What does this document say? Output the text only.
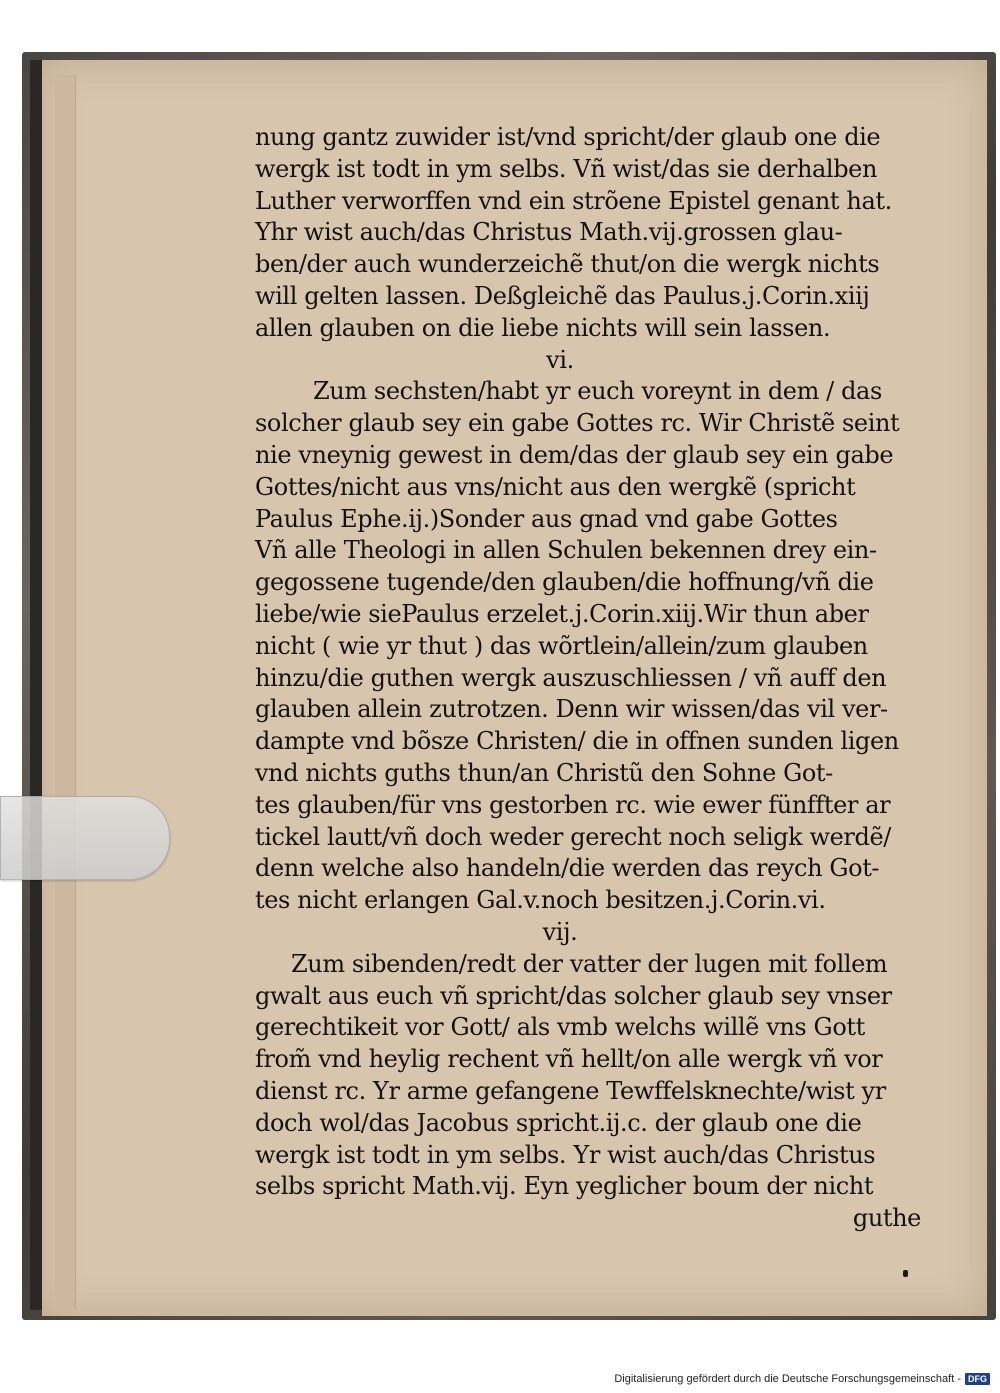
nung gantz zuwider ist/vnd spricht/der glaub one die
wergk ist todt in ym selbs. Vñ wist/das sie derhalben
Luther verworffen vnd ein strõene Epistel genant hat.
Yhr wist auch/das Christus Math.vij.grossen glau-
ben/der auch wunderzeichẽ thut/on die wergk nichts
will gelten lassen. Deßgleichẽ das Paulus.j.Corin.xiij
allen glauben on die liebe nichts will sein lassen.
vi.
Zum sechsten/habt yr euch voreynt in dem / das
solcher glaub sey ein gabe Gottes rc. Wir Christẽ seint
nie vneynig gewest in dem/das der glaub sey ein gabe
Gottes/nicht aus vns/nicht aus den wergkẽ (spricht
Paulus Ephe.ij.)Sonder aus gnad vnd gabe Gottes
Vñ alle Theologi in allen Schulen bekennen drey ein-
gegossene tugende/den glauben/die hoffnung/vñ die
liebe/wie siePaulus erzelet.j.Corin.xiij.Wir thun aber
nicht ( wie yr thut ) das wõrtlein/allein/zum glauben
hinzu/die guthen wergk auszuschliessen / vñ auff den
glauben allein zutrotzen. Denn wir wissen/das vil ver-
dampte vnd bõsze Christen/ die in offnen sunden ligen
vnd nichts guths thun/an Christũ den Sohne Got-
tes glauben/für vns gestorben rc. wie ewer fünffter ar
tickel lautt/vñ doch weder gerecht noch seligk werdẽ/
denn welche also handeln/die werden das reych Got-
tes nicht erlangen Gal.v.noch besitzen.j.Corin.vi.
vij.
Zum sibenden/redt der vatter der lugen mit follem
gwalt aus euch vñ spricht/das solcher glaub sey vnser
gerechtikeit vor Gott/ als vmb welchs willẽ vns Gott
from̃ vnd heylig rechent vñ hellt/on alle wergk vñ vor
dienst rc. Yr arme gefangene Tewffelsknechte/wist yr
doch wol/das Jacobus spricht.ij.c. der glaub one die
wergk ist todt in ym selbs. Yr wist auch/das Christus
selbs spricht Math.vij. Eyn yeglicher boum der nicht
guthe
Digitalisierung gefördert durch die Deutsche Forschungsgemeinschaft - DFG
